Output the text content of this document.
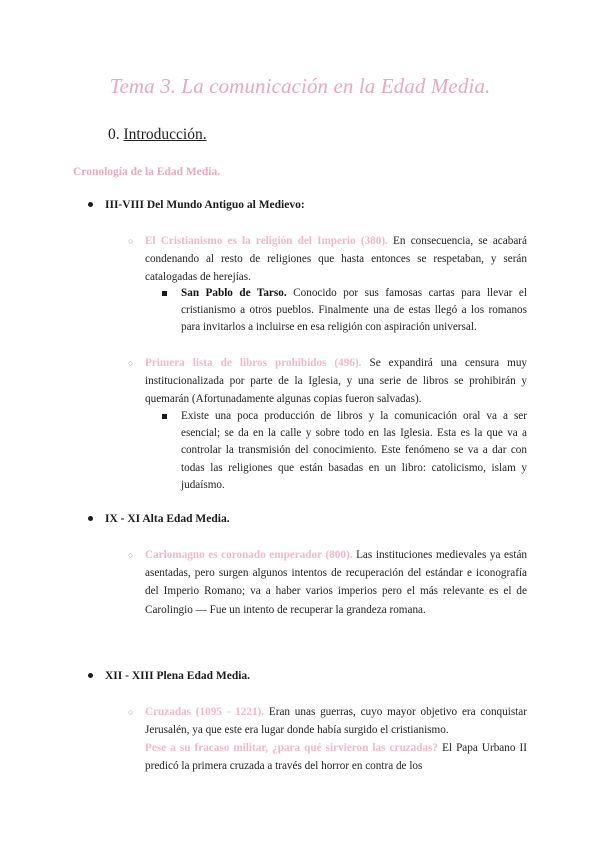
Tema 3. La comunicación en la Edad Media.
0. Introducción.
Cronología de la Edad Media.
III-VIII Del Mundo Antiguo al Medievo:
○ El Cristianismo es la religión del Imperio (380). En consecuencia, se acabará condenando al resto de religiones que hasta entonces se respetaban, y serán catalogadas de herejías.
San Pablo de Tarso. Conocido por sus famosas cartas para llevar el cristianismo a otros pueblos. Finalmente una de estas llegó a los romanos para invitarlos a incluirse en esa religión con aspiración universal.
○ Primera lista de libros prohibidos (496). Se expandirá una censura muy institucionalizada por parte de la Iglesia, y una serie de libros se prohibirán y quemarán (Afortunadamente algunas copias fueron salvadas).
Existe una poca producción de libros y la comunicación oral va a ser esencial; se da en la calle y sobre todo en las Iglesia. Esta es la que va a controlar la transmisión del conocimiento. Este fenómeno se va a dar con todas las religiones que están basadas en un libro: catolicismo, islam y judaísmo.
IX - XI Alta Edad Media.
○ Carlomagno es coronado emperador (800). Las instituciones medievales ya están asentadas, pero surgen algunos intentos de recuperación del estándar e iconografía del Imperio Romano; va a haber varios imperios pero el más relevante es el de Carolingio — Fue un intento de recuperar la grandeza romana.
XII - XIII Plena Edad Media.
○ Cruzadas (1095 - 1221). Eran unas guerras, cuyo mayor objetivo era conquistar Jerusalén, ya que este era lugar donde había surgido el cristianismo.
Pese a su fracaso militar, ¿para qué sirvieron las cruzadas? El Papa Urbano II predicó la primera cruzada a través del horror en contra de los
